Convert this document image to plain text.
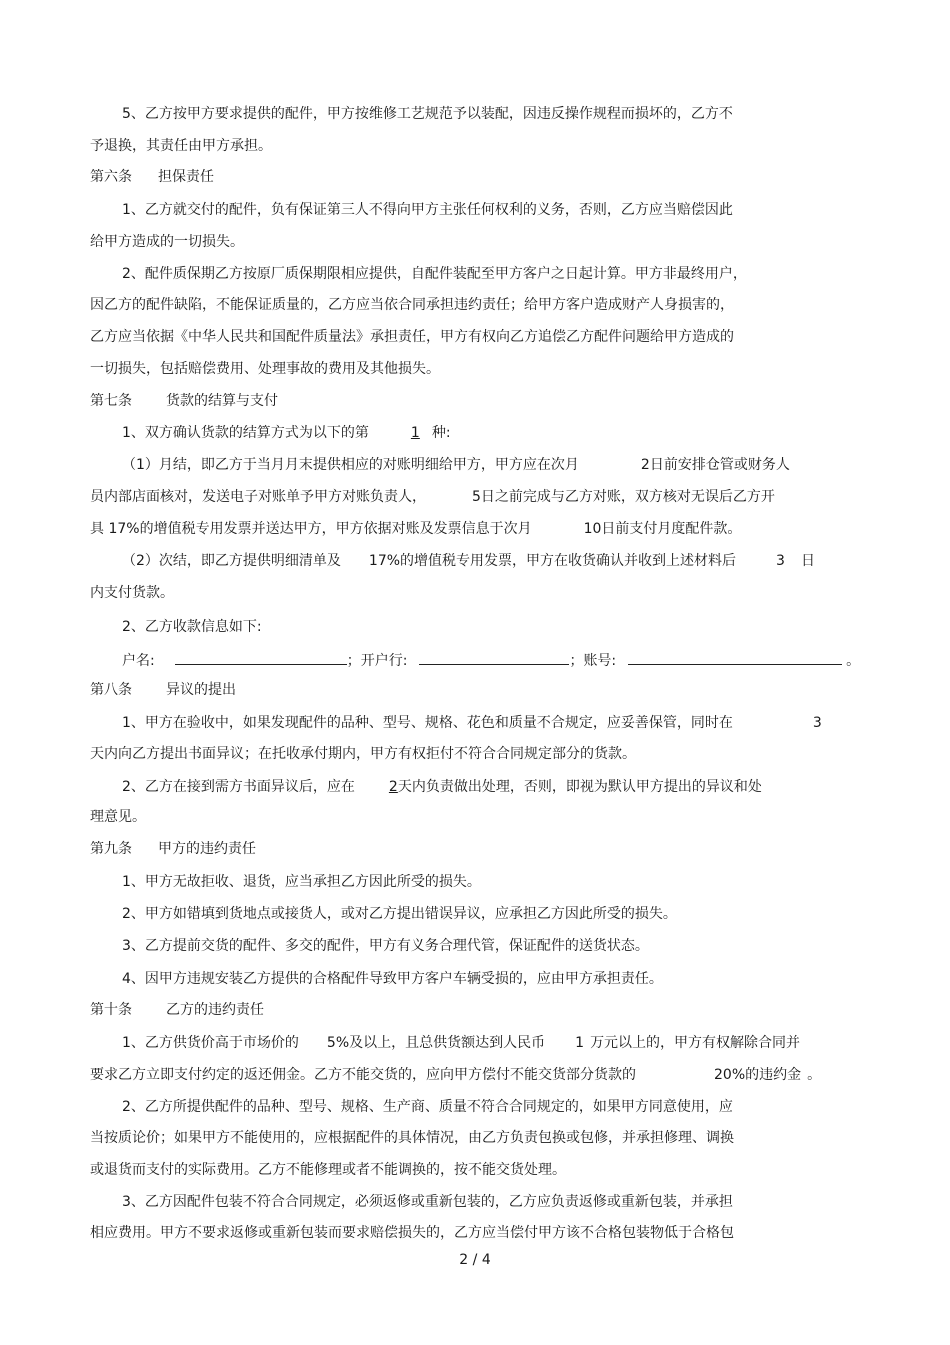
5、乙方按甲方要求提供的配件，甲方按维修工艺规范予以装配，因违反操作规程而损坏的，乙方不
予退换，其责任由甲方承担。
第六条 担保责任
1、乙方就交付的配件，负有保证第三人不得向甲方主张任何权利的义务，否则，乙方应当赔偿因此
给甲方造成的一切损失。
2、配件质保期乙方按原厂质保期限相应提供，自配件装配至甲方客户之日起计算。甲方非最终用户，
因乙方的配件缺陷，不能保证质量的，乙方应当依合同承担违约责任；给甲方客户造成财产人身损害的，
乙方应当依据《中华人民共和国配件质量法》承担责任，甲方有权向乙方追偿乙方配件问题给甲方造成的
一切损失，包括赔偿费用、处理事故的费用及其他损失。
第七条 货款的结算与支付
1、双方确认货款的结算方式为以下的第	1 种:
（1）月结，即乙方于当月月末提供相应的对账明细给甲方，甲方应在次月	2日前安排仓管或财务人
员内部店面核对，发送电子对账单予甲方对账负责人，	5日之前完成与乙方对账，双方核对无误后乙方开
具 17%的增值税专用发票并送达甲方，甲方依据对账及发票信息于次月	10日前支付月度配件款。
（2）次结，即乙方提供明细清单及 17%的增值税专用发票，甲方在收货确认并收到上述材料后	3 日
内支付货款。
2、乙方收款信息如下:
户名:	；开户行:	；账号:	。
第八条 异议的提出
1、甲方在验收中，如果发现配件的品种、型号、规格、花色和质量不合规定，应妥善保管，同时在	3
天内向乙方提出书面异议；在托收承付期内，甲方有权拒付不符合合同规定部分的货款。
2、乙方在接到需方书面异议后，应在 2天内负责做出处理，否则，即视为默认甲方提出的异议和处
理意见。
第九条 甲方的违约责任
1、甲方无故拒收、退货，应当承担乙方因此所受的损失。
2、甲方如错填到货地点或接货人，或对乙方提出错误异议，应承担乙方因此所受的损失。
3、乙方提前交货的配件、多交的配件，甲方有义务合理代管，保证配件的送货状态。
4、因甲方违规安装乙方提供的合格配件导致甲方客户车辆受损的，应由甲方承担责任。
第十条 乙方的违约责任
1、乙方供货价高于市场价的 5%及以上，且总供货额达到人民币 1 万元以上的，甲方有权解除合同并
要求乙方立即支付约定的返还佣金。乙方不能交货的，应向甲方偿付不能交货部分货款的	20%的违约金 。
2、乙方所提供配件的品种、型号、规格、生产商、质量不符合合同规定的，如果甲方同意使用，应
当按质论价；如果甲方不能使用的，应根据配件的具体情况，由乙方负责包换或包修，并承担修理、调换
或退货而支付的实际费用。乙方不能修理或者不能调换的，按不能交货处理。
3、乙方因配件包装不符合合同规定，必须返修或重新包装的，乙方应负责返修或重新包装，并承担
相应费用。甲方不要求返修或重新包装而要求赔偿损失的，乙方应当偿付甲方该不合格包装物低于合格包
2 / 4
